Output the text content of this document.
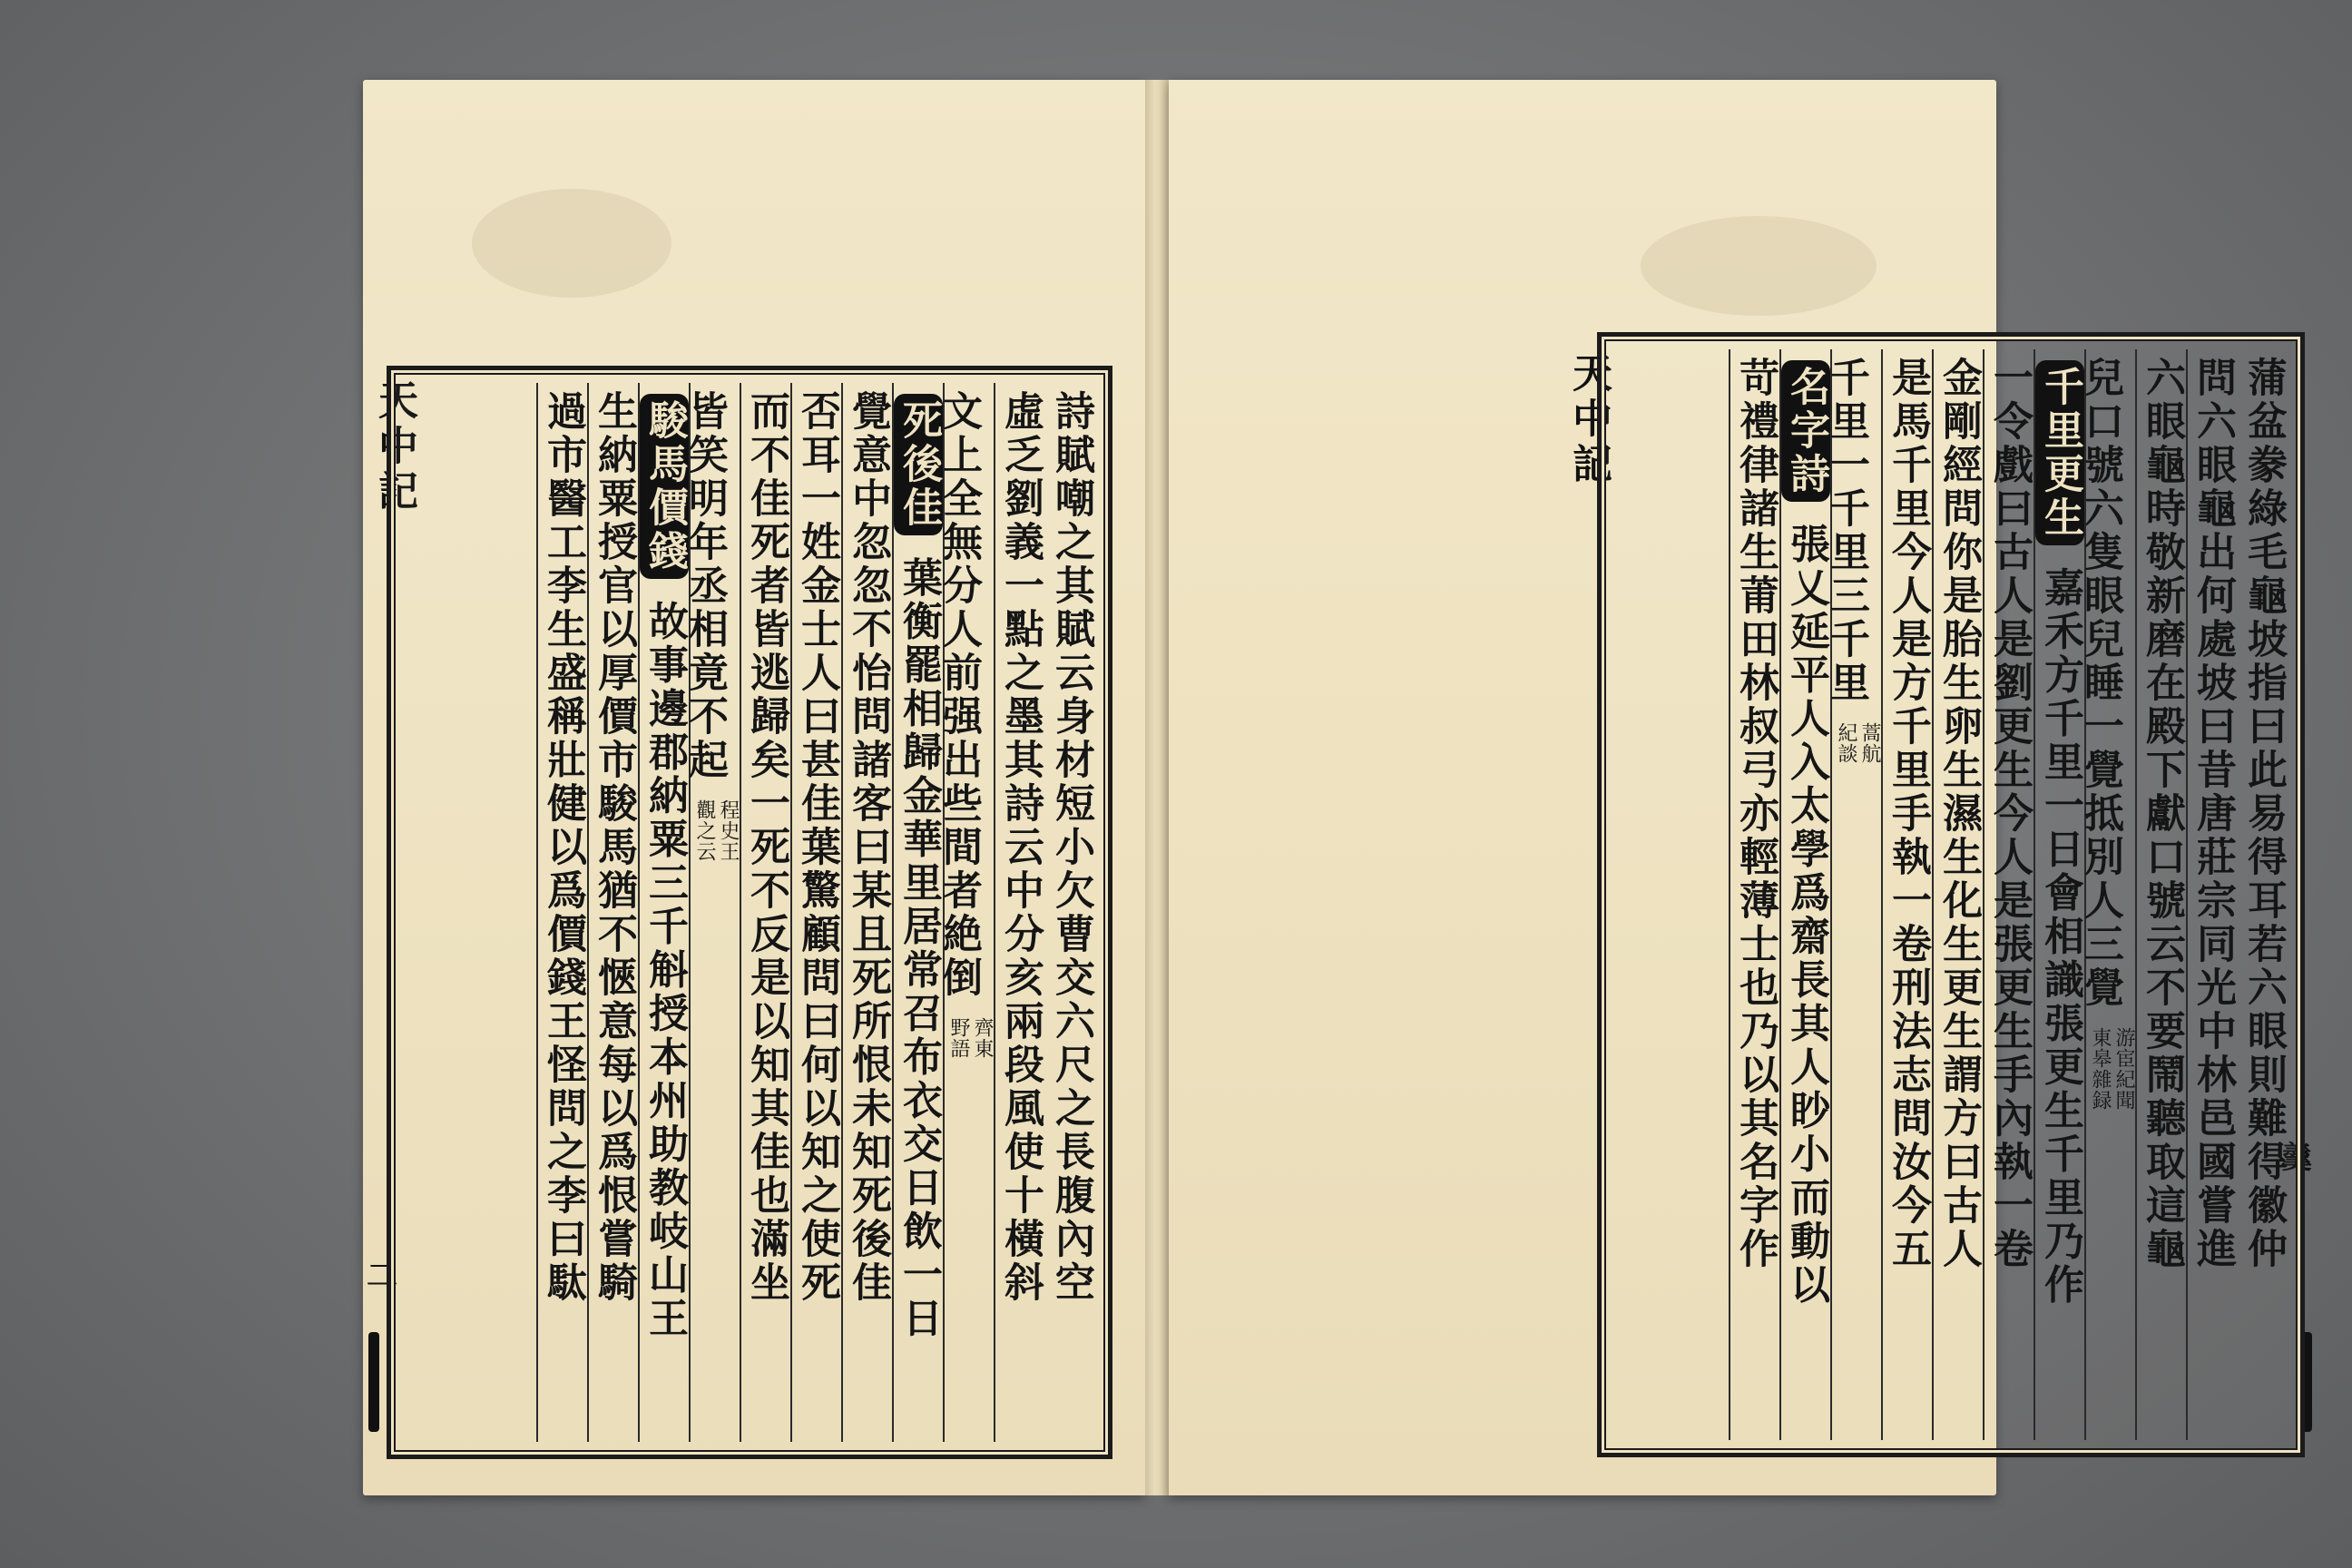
天中記
二	詩賦嘲之其賦云身材短小欠曹交六尺之長腹內空
虛乏劉義一點之墨其詩云中分亥兩段風使十橫斜
文上全無分人前强出些間者絶倒
齊東
野語
死後佳 葉衡罷相歸金華里居常召布衣交日飲一日
覺意中忽忽不怡問諸客曰某且死所恨未知死後佳
否耳一姓金士人曰甚佳葉驚顧問曰何以知之使死
而不佳死者皆逃歸矣一死不反是以知其佳也滿坐
皆笑明年丞相竟不起
程史王
觀之云
駿馬價錢 故事邊郡納粟三千斛授本州助教岐山王
生納粟授官以厚價市駿馬猶不愜意每以爲恨嘗騎
過市醫工李生盛稱壯健以爲價錢王怪問之李曰駄	天中記
羹
蒲盆豢綠毛龜坡指曰此易得耳若六眼則難得徽仲
問六眼龜出何處坡曰昔唐莊宗同光中林邑國嘗進
六眼龜時敬新磨在殿下獻口號云不要鬧聽取這龜
兒口號六隻眼兒睡一覺抵別人三覺
游宦紀聞
東皋雜録
千里更生 嘉禾方千里一日會相識張更生千里乃作
一令戲曰古人是劉更生今人是張更生手內執一卷
金剛經問你是胎生卵生濕生化生更生謂方曰古人
是馬千里今人是方千里手執一卷刑法志問汝今五
千里一千里三千里
蒿航
紀談
名字詩 張乂延平人入太學爲齋長其人眇小而動以
苛禮律諸生莆田林叔弓亦輕薄士也乃以其名字作
